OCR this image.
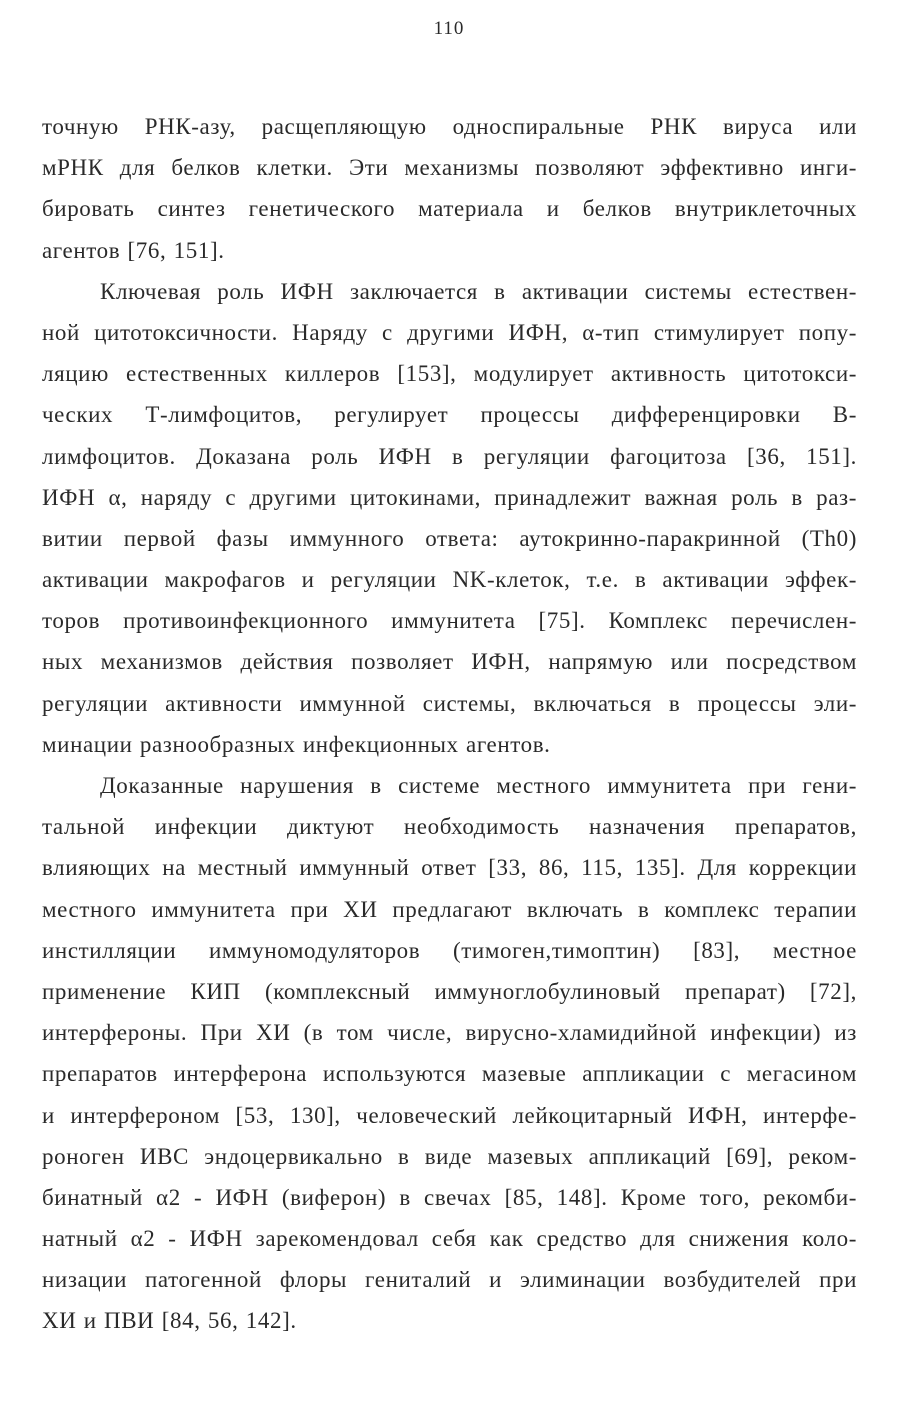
110
точную РНК-азу, расщепляющую односпиральные РНК вируса или
мРНК для белков клетки. Эти механизмы позволяют эффективно инги-
бировать синтез генетического материала и белков внутриклеточных
агентов [76, 151].
Ключевая роль ИФН заключается в активации системы естествен-
ной цитотоксичности. Наряду с другими ИФН, α-тип стимулирует попу-
ляцию естественных киллеров [153], модулирует активность цитотокси-
ческих Т-лимфоцитов, регулирует процессы дифференцировки В-
лимфоцитов. Доказана роль ИФН в регуляции фагоцитоза [36, 151].
ИФН α, наряду с другими цитокинами, принадлежит важная роль в раз-
витии первой фазы иммунного ответа: аутокринно-паракринной (Th0)
активации макрофагов и регуляции NK-клеток, т.е. в активации эффек-
торов противоинфекционного иммунитета [75]. Комплекс перечислен-
ных механизмов действия позволяет ИФН, напрямую или посредством
регуляции активности иммунной системы, включаться в процессы эли-
минации разнообразных инфекционных агентов.
Доказанные нарушения в системе местного иммунитета при гени-
тальной инфекции диктуют необходимость назначения препаратов,
влияющих на местный иммунный ответ [33, 86, 115, 135]. Для коррекции
местного иммунитета при ХИ предлагают включать в комплекс терапии
инстилляции иммуномодуляторов (тимоген,тимоптин) [83], местное
применение КИП (комплексный иммуноглобулиновый препарат) [72],
интерфероны. При ХИ (в том числе, вирусно-хламидийной инфекции) из
препаратов интерферона используются мазевые аппликации с мегасином
и интерфероном [53, 130], человеческий лейкоцитарный ИФН, интерфе-
роноген ИВС эндоцервикально в виде мазевых аппликаций [69], реком-
бинатный α2 - ИФН (виферон) в свечах [85, 148]. Кроме того, рекомби-
натный α2 - ИФН зарекомендовал себя как средство для снижения коло-
низации патогенной флоры гениталий и элиминации возбудителей при
ХИ и ПВИ [84, 56, 142].
